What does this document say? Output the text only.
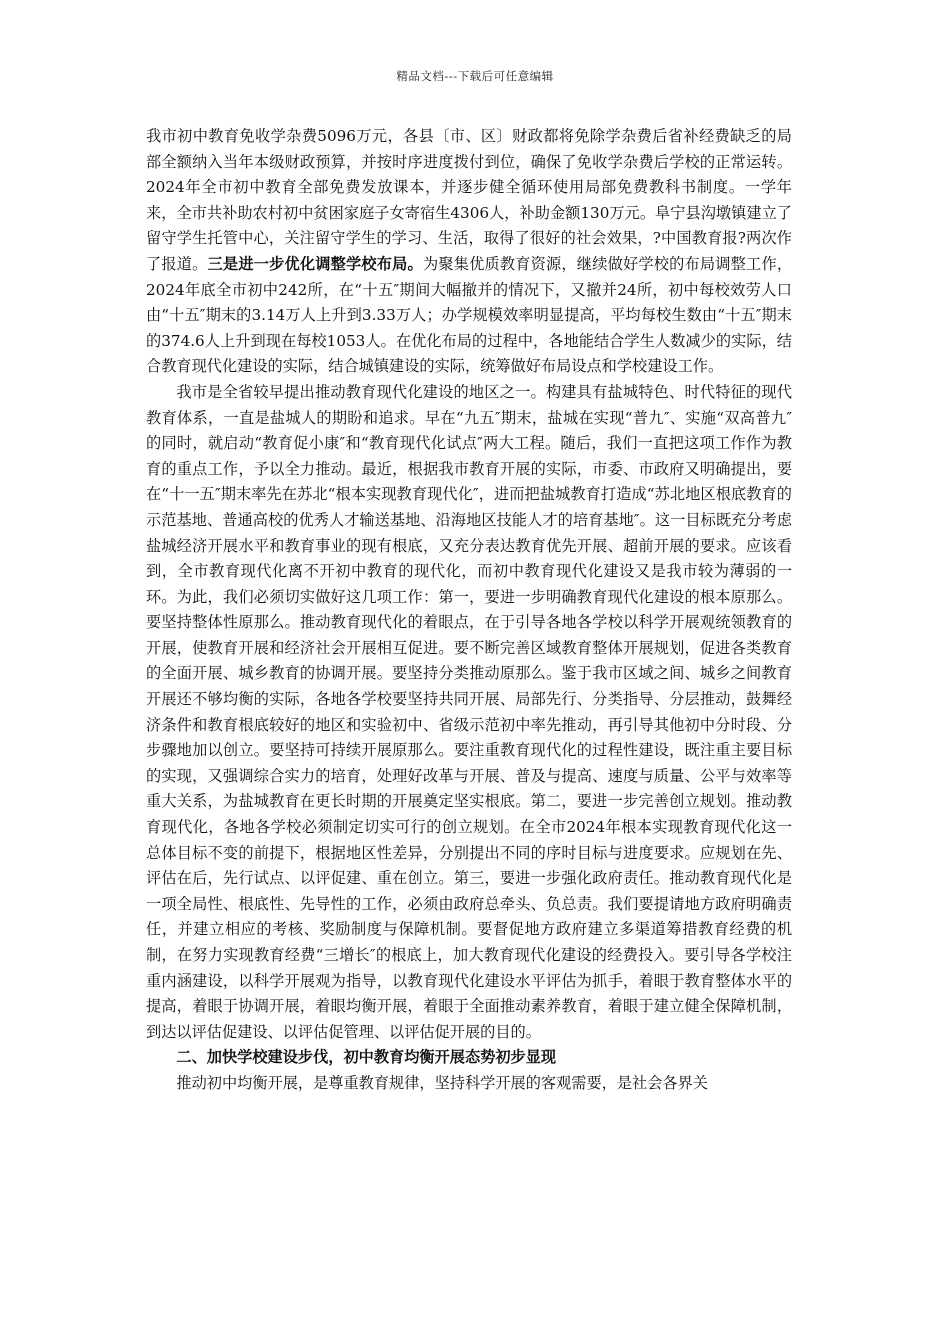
精品文档---下载后可任意编辑

我市初中教育免收学杂费5096万元，各县〔市、区〕财政都将免除学杂费后省补经费缺乏的局部全额纳入当年本级财政预算，并按时序进度拨付到位，确保了免收学杂费后学校的正常运转。2024年全市初中教育全部免费发放课本，并逐步健全循环使用局部免费教科书制度。一学年来，全市共补助农村初中贫困家庭子女寄宿生4306人，补助金额130万元。阜宁县沟墩镇建立了留守学生托管中心，关注留守学生的学习、生活，取得了很好的社会效果，?中国教育报?两次作了报道。三是进一步优化调整学校布局。为聚集优质教育资源，继续做好学校的布局调整工作，2024年底全市初中242所，在“十五″期间大幅撤并的情况下，又撤并24所，初中每校效劳人口由“十五″期末的3.14万人上升到3.33万人；办学规模效率明显提高，平均每校生数由“十五″期末的374.6人上升到现在每校1053人。在优化布局的过程中，各地能结合学生人数减少的实际，结合教育现代化建设的实际，结合城镇建设的实际，统筹做好布局设点和学校建设工作。

我市是全省较早提出推动教育现代化建设的地区之一。构建具有盐城特色、时代特征的现代教育体系，一直是盐城人的期盼和追求。早在“九五″期末，盐城在实现“普九″、实施“双高普九″的同时，就启动“教育促小康″和“教育现代化试点″两大工程。随后，我们一直把这项工作作为教育的重点工作，予以全力推动。最近，根据我市教育开展的实际，市委、市政府又明确提出，要在“十一五″期末率先在苏北“根本实现教育现代化″，进而把盐城教育打造成“苏北地区根底教育的示范基地、普通高校的优秀人才输送基地、沿海地区技能人才的培育基地″。这一目标既充分考虑盐城经济开展水平和教育事业的现有根底，又充分表达教育优先开展、超前开展的要求。应该看到，全市教育现代化离不开初中教育的现代化，而初中教育现代化建设又是我市较为薄弱的一环。为此，我们必须切实做好这几项工作：第一，要进一步明确教育现代化建设的根本原那么。要坚持整体性原那么。推动教育现代化的着眼点，在于引导各地各学校以科学开展观统领教育的开展，使教育开展和经济社会开展相互促进。要不断完善区域教育整体开展规划，促进各类教育的全面开展、城乡教育的协调开展。要坚持分类推动原那么。鉴于我市区域之间、城乡之间教育开展还不够均衡的实际，各地各学校要坚持共同开展、局部先行、分类指导、分层推动，鼓舞经济条件和教育根底较好的地区和实验初中、省级示范初中率先推动，再引导其他初中分时段、分步骤地加以创立。要坚持可持续开展原那么。要注重教育现代化的过程性建设，既注重主要目标的实现，又强调综合实力的培育，处理好改革与开展、普及与提高、速度与质量、公平与效率等重大关系，为盐城教育在更长时期的开展奠定坚实根底。第二，要进一步完善创立规划。推动教育现代化，各地各学校必须制定切实可行的创立规划。在全市2024年根本实现教育现代化这一总体目标不变的前提下，根据地区性差异，分别提出不同的序时目标与进度要求。应规划在先、评估在后，先行试点、以评促建、重在创立。第三，要进一步强化政府责任。推动教育现代化是一项全局性、根底性、先导性的工作，必须由政府总牵头、负总责。我们要提请地方政府明确责任，并建立相应的考核、奖励制度与保障机制。要督促地方政府建立多渠道筹措教育经费的机制，在努力实现教育经费“三增长″的根底上，加大教育现代化建设的经费投入。要引导各学校注重内涵建设，以科学开展观为指导，以教育现代化建设水平评估为抓手，着眼于教育整体水平的提高，着眼于协调开展，着眼均衡开展，着眼于全面推动素养教育，着眼于建立健全保障机制，到达以评估促建设、以评估促管理、以评估促开展的目的。

二、加快学校建设步伐，初中教育均衡开展态势初步显现

推动初中均衡开展，是尊重教育规律，坚持科学开展的客观需要，是社会各界关
